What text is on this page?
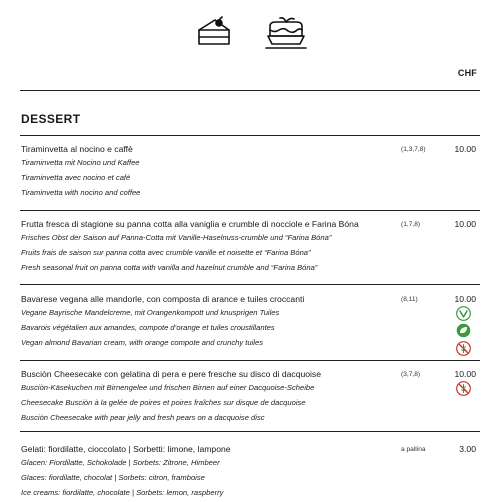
CHF
DESSERT
Tiraminvetta al nocino e caffè	(1,3,7,8)	10.00
Tiraminvetta mit Nocino und Kaffee
Tiraminvetta avec nocino et café
Tiraminvetta with nocino and coffee
Frutta fresca di stagione su panna cotta alla vaniglia e crumble di nocciole e Farina Bóna	(1,7,8)	10.00
Frisches Obst der Saison auf Panna-Cotta mit Vanille-Haselnuss-crumble und “Farina Bóna”
Fruits frais de saison sur panna cotta avec crumble vanille et noisette et “Farina Bóna”
Fresh seasonal fruit on panna cotta with vanilla and hazelnut crumble and “Farina Bóna”
Bavarese vegana alle mandorle, con composta di arance e tuiles croccanti	(8,11)	10.00
Vegane Bayrische Mandelcreme, mit Orangenkompott und knusprigen Tuiles
Bavarois végétalien aux amandes, compote d’orange et tuiles croustillantes
Vegan almond Bavarian cream, with orange compote and crunchy tuiles
Busciòn Cheesecake con gelatina di pera e pere fresche su disco di dacquoise	(3,7,8)	10.00
Busciòn-Käsekuchen mit Birnengelee und frischen Birnen auf einer Dacquoise-Scheibe
Cheesecake Busciòn à la gelée de poires et poires fraîches sur disque de dacquoise
Busciòn Cheesecake with pear jelly and fresh pears on a dacquoise disc
Gelati: fiordilatte, cioccolato | Sorbetti: limone, lampone	a pallina	3.00
Glacen: Fiordilatte, Schokolade | Sorbets: Zitrone, Himbeer
Glaces: fiordilatte, chocolat | Sorbets: citron, framboise
Ice creams: fiordilatte, chocolate | Sorbets: lemon, raspberry
